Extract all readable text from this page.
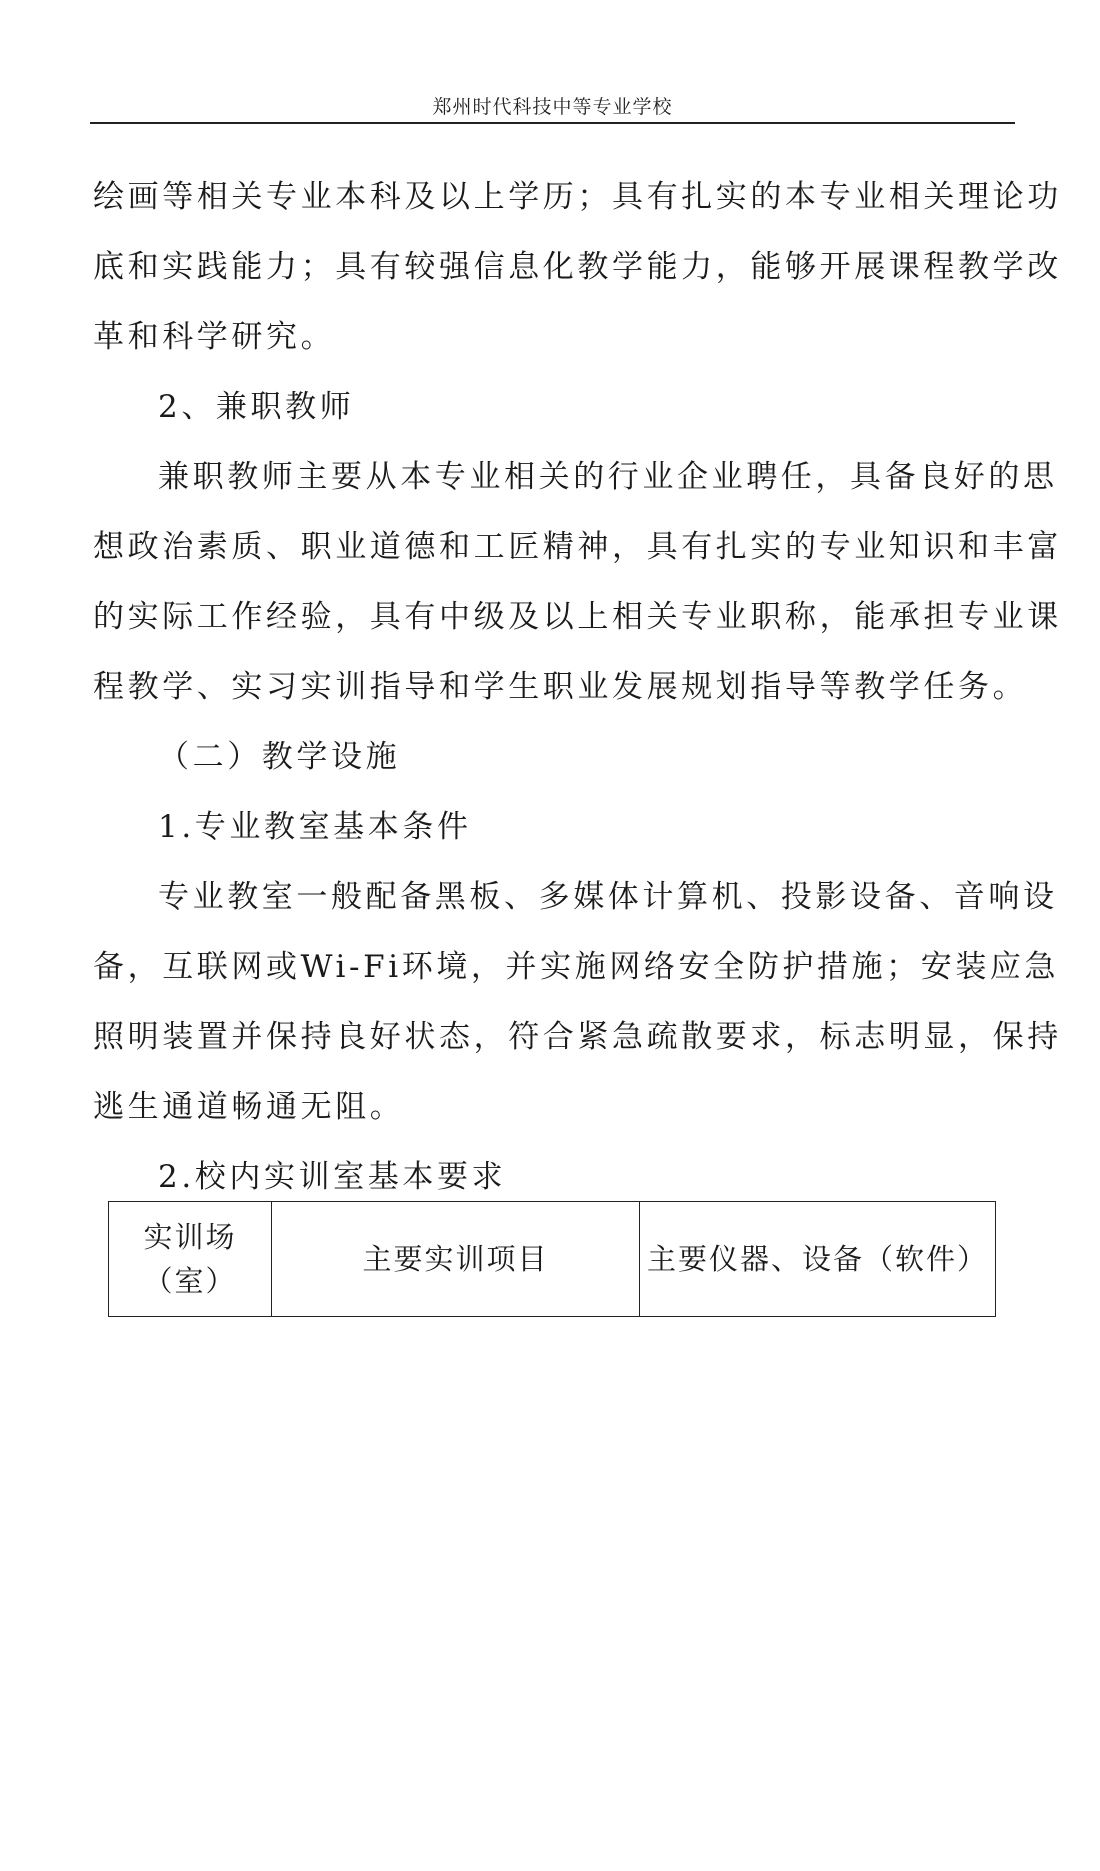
郑州时代科技中等专业学校
绘画等相关专业本科及以上学历；具有扎实的本专业相关理论功
底和实践能力；具有较强信息化教学能力，能够开展课程教学改
革和科学研究。
2、兼职教师
兼职教师主要从本专业相关的行业企业聘任，具备良好的思
想政治素质、职业道德和工匠精神，具有扎实的专业知识和丰富
的实际工作经验，具有中级及以上相关专业职称，能承担专业课
程教学、实习实训指导和学生职业发展规划指导等教学任务。
（二）教学设施
1.专业教室基本条件
专业教室一般配备黑板、多媒体计算机、投影设备、音响设
备，互联网或Wi-Fi环境，并实施网络安全防护措施；安装应急
照明装置并保持良好状态，符合紧急疏散要求，标志明显，保持
逃生通道畅通无阻。
2.校内实训室基本要求
实训场
（室）
主要实训项目	主要仪器、设备（软件）
